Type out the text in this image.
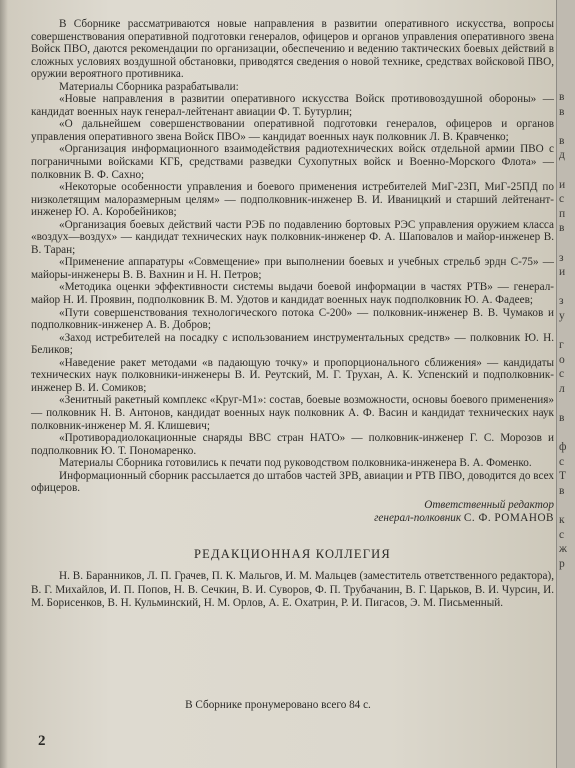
В Сборнике рассматриваются новые направления в развитии оперативного искусства, вопросы совершенствования оперативной подготовки генералов, офицеров и органов управления оперативного звена Войск ПВО, даются рекомендации по организации, обеспечению и ведению тактических боевых действий в сложных условиях воздушной обстановки, приводятся сведения о новой технике, средствах войсковой ПВО, оружии вероятного противника.

Материалы Сборника разрабатывали:

«Новые направления в развитии оперативного искусства Войск противовоздушной обороны» — кандидат военных наук генерал-лейтенант авиации Ф. Т. Бутурлин;

«О дальнейшем совершенствовании оперативной подготовки генералов, офицеров и органов управления оперативного звена Войск ПВО» — кандидат военных наук полковник Л. В. Кравченко;

«Организация информационного взаимодействия радиотехнических войск отдельной армии ПВО с пограничными войсками КГБ, средствами разведки Сухопутных войск и Военно-Морского Флота» — полковник В. Ф. Сахно;

«Некоторые особенности управления и боевого применения истребителей МиГ-23П, МиГ-25ПД по низколетящим малоразмерным целям» — подполковник-инженер В. И. Иваницкий и старший лейтенант-инженер Ю. А. Коробейников;

«Организация боевых действий части РЭБ по подавлению бортовых РЭС управления оружием класса «воздух—воздух» — кандидат технических наук полковник-инженер Ф. А. Шаповалов и майор-инженер В. В. Таран;

«Применение аппаратуры «Совмещение» при выполнении боевых и учебных стрельб эрдн С-75» — майоры-инженеры В. В. Вахнин и Н. Н. Петров;

«Методика оценки эффективности системы выдачи боевой информации в частях РТВ» — генерал-майор Н. И. Проявин, подполковник В. М. Удотов и кандидат военных наук подполковник Ю. А. Фадеев;

«Пути совершенствования технологического потока С-200» — полковник-инженер В. В. Чумаков и подполковник-инженер А. В. Добров;

«Заход истребителей на посадку с использованием инструментальных средств» — полковник Ю. Н. Беликов;

«Наведение ракет методами «в падающую точку» и пропорционального сближения» — кандидаты технических наук полковники-инженеры В. И. Реутский, М. Г. Трухан, А. К. Успенский и подполковник-инженер В. И. Сомиков;

«Зенитный ракетный комплекс «Круг-М1»: состав, боевые возможности, основы боевого применения» — полковник Н. В. Антонов, кандидат военных наук полковник А. Ф. Васин и кандидат технических наук полковник-инженер М. Я. Клишевич;

«Противорадиолокационные снаряды ВВС стран НАТО» — полковник-инженер Г. С. Морозов и подполковник Ю. Т. Пономаренко.

Материалы Сборника готовились к печати под руководством полковника-инженера В. А. Фоменко.

Информационный сборник рассылается до штабов частей ЗРВ, авиации и РТВ ПВО, доводится до всех офицеров.

Ответственный редактор
генерал-полковник С. Ф. РОМАНОВ
РЕДАКЦИОННАЯ КОЛЛЕГИЯ

Н. В. Баранников, Л. П. Грачев, П. К. Мальгов, И. М. Мальцев (заместитель ответственного редактора), В. Г. Михайлов, И. П. Попов, Н. В. Сечкин, В. И. Суворов, Ф. П. Трубачанин, В. Г. Царьков, В. И. Чурсин, И. М. Борисенков, В. Н. Кульминский, Н. М. Орлов, А. Е. Охатрин, Р. И. Пигасов, Э. М. Письменный.

В Сборнике пронумеровано всего 84 с.
2
в
в

в
д

и
с
п
в

з
и

з
у

г
о
с
л

в

ф
с
Т
в

к
с
ж
р
